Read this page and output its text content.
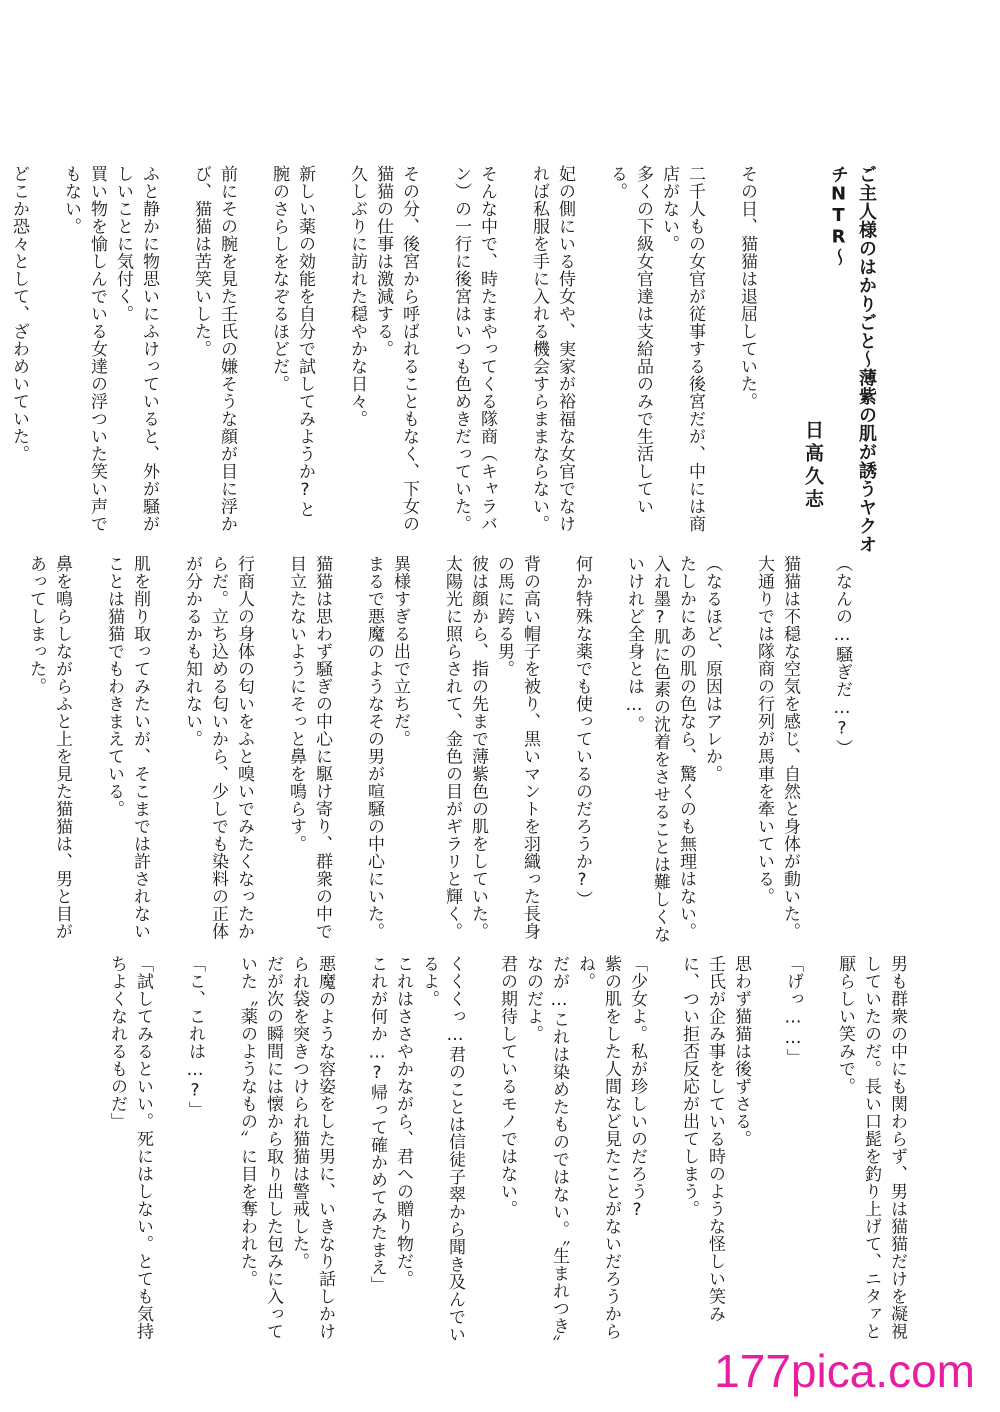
ご主人様のはかりごと〜薄紫の肌が誘うヤクオチNTR〜

日高久志

その日、猫猫は退屈していた。

二千人もの女官が従事する後宮だが、中には商店がない。
多くの下級女官達は支給品のみで生活している。

妃の側にいる侍女や、実家が裕福な女官でなければ私服を手に入れる機会すらままならない。

そんな中で、時たまやってくる隊商（キャラバン）の一行に後宮はいつも色めきだっていた。

その分、後宮から呼ばれることもなく、下女の猫猫の仕事は激減する。
久しぶりに訪れた穏やかな日々。

新しい薬の効能を自分で試してみようか?と腕のさらしをなぞるほどだ。

前にその腕を見た壬氏の嫌そうな顔が目に浮かび、猫猫は苦笑いした。

ふと静かに物思いにふけっていると、外が騒がしいことに気付く。
買い物を愉しんでいる女達の浮ついた笑い声でもない。

どこか恐々として、ざわめいていた。

（なんの…騒ぎだ…?）

猫猫は不穏な空気を感じ、自然と身体が動いた。
大通りでは隊商の行列が馬車を牽いている。

（なるほど、原因はアレか。
たしかにあの肌の色なら、驚くのも無理はない。
入れ墨?肌に色素の沈着をさせることは難しくないけれど全身とは…。

何か特殊な薬でも使っているのだろうか?）

背の高い帽子を被り、黒いマントを羽織った長身の馬に跨る男。
彼は顔から、指の先まで薄紫色の肌をしていた。
太陽光に照らされて、金色の目がギラリと輝く。

異様すぎる出で立ちだ。
まるで悪魔のようなその男が喧騒の中心にいた。

猫猫は思わず騒ぎの中心に駆け寄り、群衆の中で目立たないようにそっと鼻を鳴らす。

行商人の身体の匂いをふと嗅いでみたくなったからだ。立ち込める匂いから、少しでも染料の正体が分かるかも知れない。

肌を削り取ってみたいが、そこまでは許されないことは猫猫でもわきまえている。

鼻を鳴らしながらふと上を見た猫猫は、男と目があってしまった。

男も群衆の中にも関わらず、男は猫猫だけを凝視していたのだ。長い口髭を釣り上げて、ニタァと厭らしい笑みで。

「げっ……」

思わず猫猫は後ずさる。
壬氏が企み事をしている時のような怪しい笑みに、つい拒否反応が出てしまう。

「少女よ。私が珍しいのだろう?
紫の肌をした人間など見たことがないだろうからね。
だが…これは染めたものではない。〝生まれつき〟なのだよ。
君の期待しているモノではない。

くくくっ…君のことは信徒子翠から聞き及んでいるよ。
これはささやかながら、君への贈り物だ。
これが何か…?帰って確かめてみたまえ」

悪魔のような容姿をした男に、いきなり話しかけられ袋を突きつけられ猫猫は警戒した。
だが次の瞬間には懐から取り出した包みに入っていた〝薬のようなもの〟に目を奪われた。

「こ、これは…?」

「試してみるといい。死にはしない。とても気持ちよくなれるものだ」

177pica.com
